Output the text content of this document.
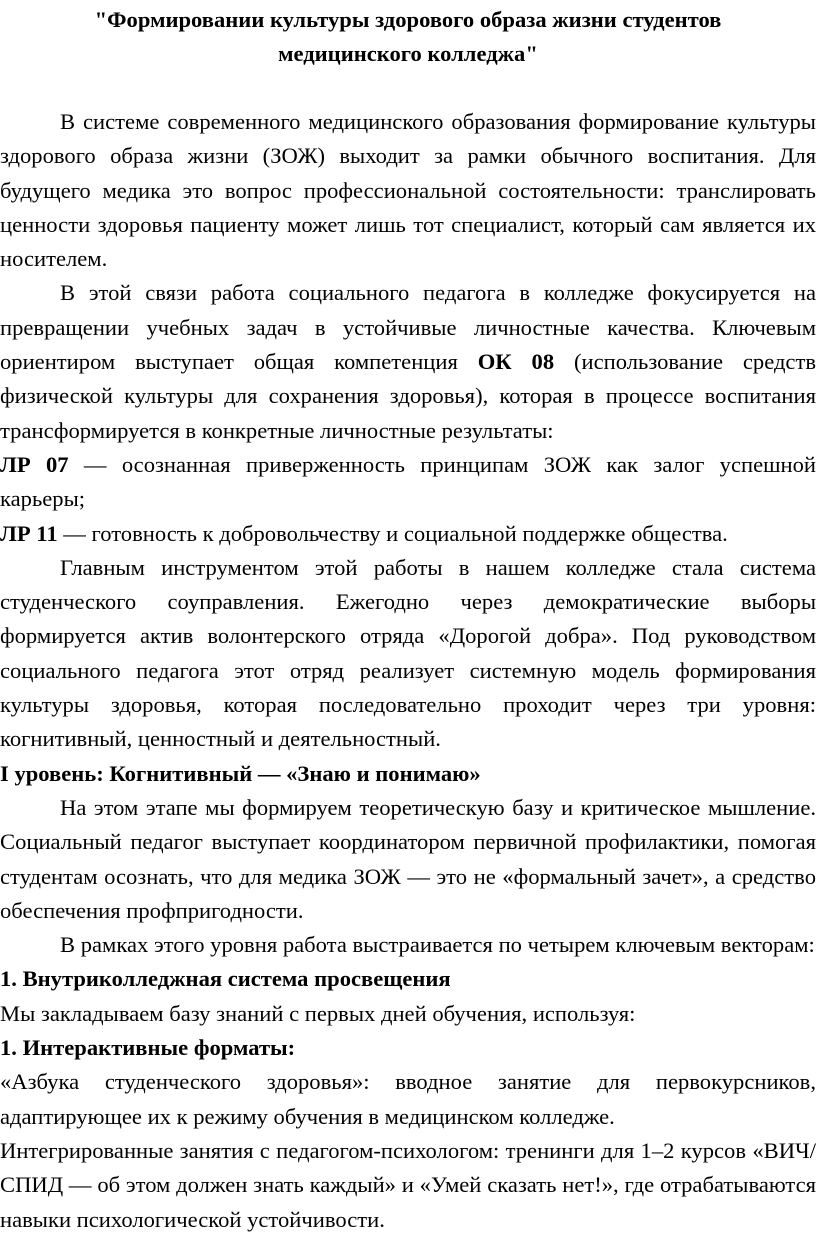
"Формировании культуры здорового образа жизни студентов медицинского колледжа"

В системе современного медицинского образования формирование культуры здорового образа жизни (ЗОЖ) выходит за рамки обычного воспитания. Для будущего медика это вопрос профессиональной состоятельности: транслировать ценности здоровья пациенту может лишь тот специалист, который сам является их носителем.

В этой связи работа социального педагога в колледже фокусируется на превращении учебных задач в устойчивые личностные качества. Ключевым ориентиром выступает общая компетенция ОК 08 (использование средств физической культуры для сохранения здоровья), которая в процессе воспитания трансформируется в конкретные личностные результаты:

ЛР 07 — осознанная приверженность принципам ЗОЖ как залог успешной карьеры;

ЛР 11 — готовность к добровольчеству и социальной поддержке общества.

Главным инструментом этой работы в нашем колледже стала система студенческого соуправления. Ежегодно через демократические выборы формируется актив волонтерского отряда «Дорогой добра». Под руководством социального педагога этот отряд реализует системную модель формирования культуры здоровья, которая последовательно проходит через три уровня: когнитивный, ценностный и деятельностный.

I уровень: Когнитивный — «Знаю и понимаю»

На этом этапе мы формируем теоретическую базу и критическое мышление. Социальный педагог выступает координатором первичной профилактики, помогая студентам осознать, что для медика ЗОЖ — это не «формальный зачет», а средство обеспечения профпригодности.

В рамках этого уровня работа выстраивается по четырем ключевым векторам:

1. Внутриколледжная система просвещения

Мы закладываем базу знаний с первых дней обучения, используя:

1. Интерактивные форматы:

«Азбука студенческого здоровья»: вводное занятие для первокурсников, адаптирующее их к режиму обучения в медицинском колледже.

Интегрированные занятия с педагогом-психологом: тренинги для 1–2 курсов «ВИЧ/СПИД — об этом должен знать каждый» и «Умей сказать нет!», где отрабатываются навыки психологической устойчивости.
